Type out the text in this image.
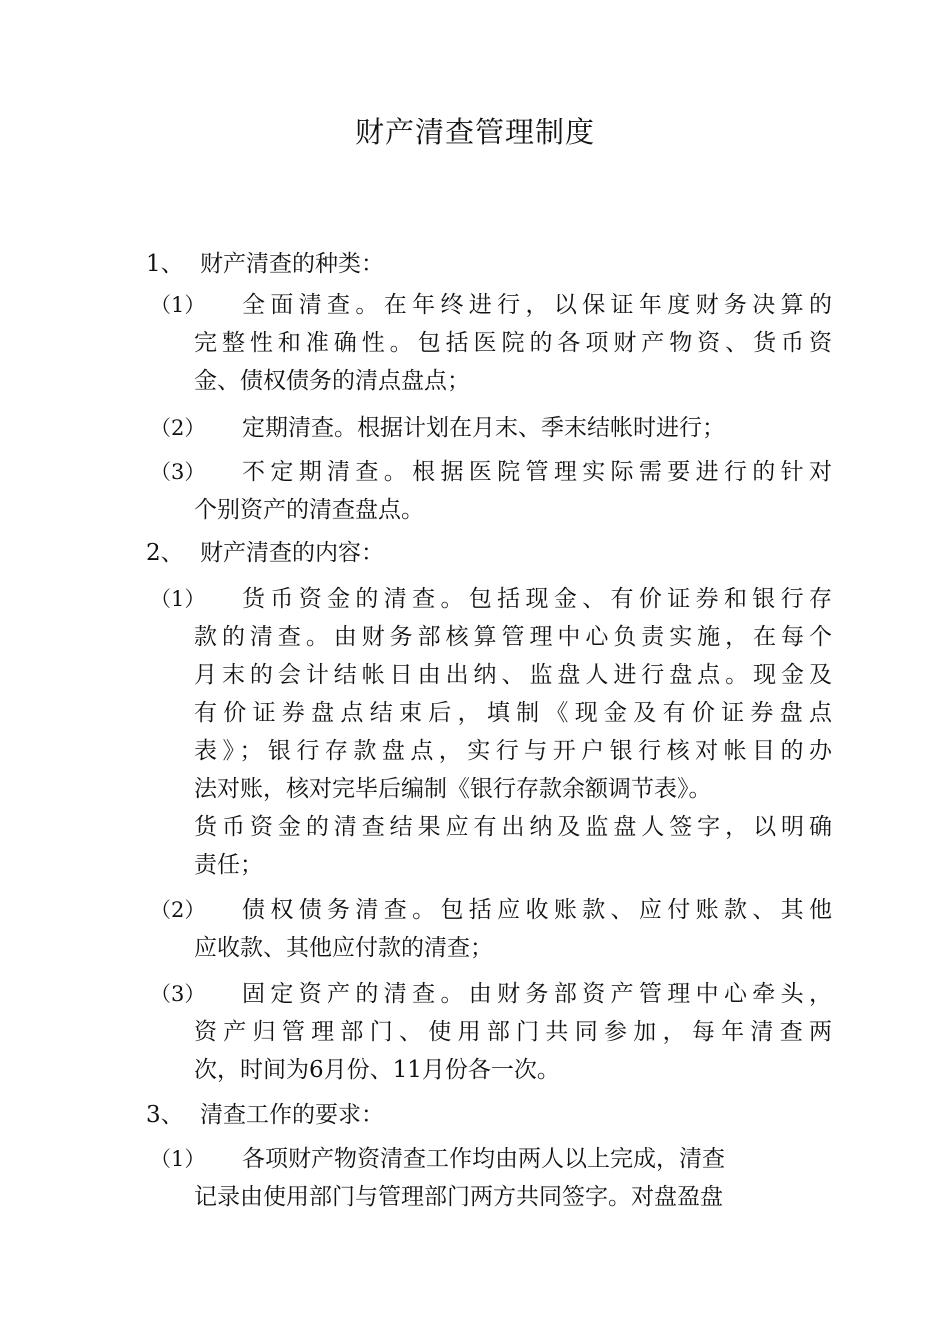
财产清查管理制度
1、 财产清查的种类：
（1） 全面清查。在年终进行，以保证年度财务决算的
完整性和准确性。包括医院的各项财产物资、货币资
金、债权债务的清点盘点；
（2） 定期清查。根据计划在月末、季末结帐时进行；
（3） 不定期清查。根据医院管理实际需要进行的针对
个别资产的清查盘点。
2、 财产清查的内容：
（1） 货币资金的清查。包括现金、有价证券和银行存
款的清查。由财务部核算管理中心负责实施，在每个
月末的会计结帐日由出纳、监盘人进行盘点。现金及
有价证券盘点结束后，填制《现金及有价证券盘点
表》；银行存款盘点，实行与开户银行核对帐目的办
法对账，核对完毕后编制《银行存款余额调节表》。
货币资金的清查结果应有出纳及监盘人签字，以明确
责任；
（2） 债权债务清查。包括应收账款、应付账款、其他
应收款、其他应付款的清查；
（3） 固定资产的清查。由财务部资产管理中心牵头，
资产归管理部门、使用部门共同参加，每年清查两
次，时间为6月份、11月份各一次。
3、 清查工作的要求：
（1） 各项财产物资清查工作均由两人以上完成，清查
记录由使用部门与管理部门两方共同签字。对盘盈盘
